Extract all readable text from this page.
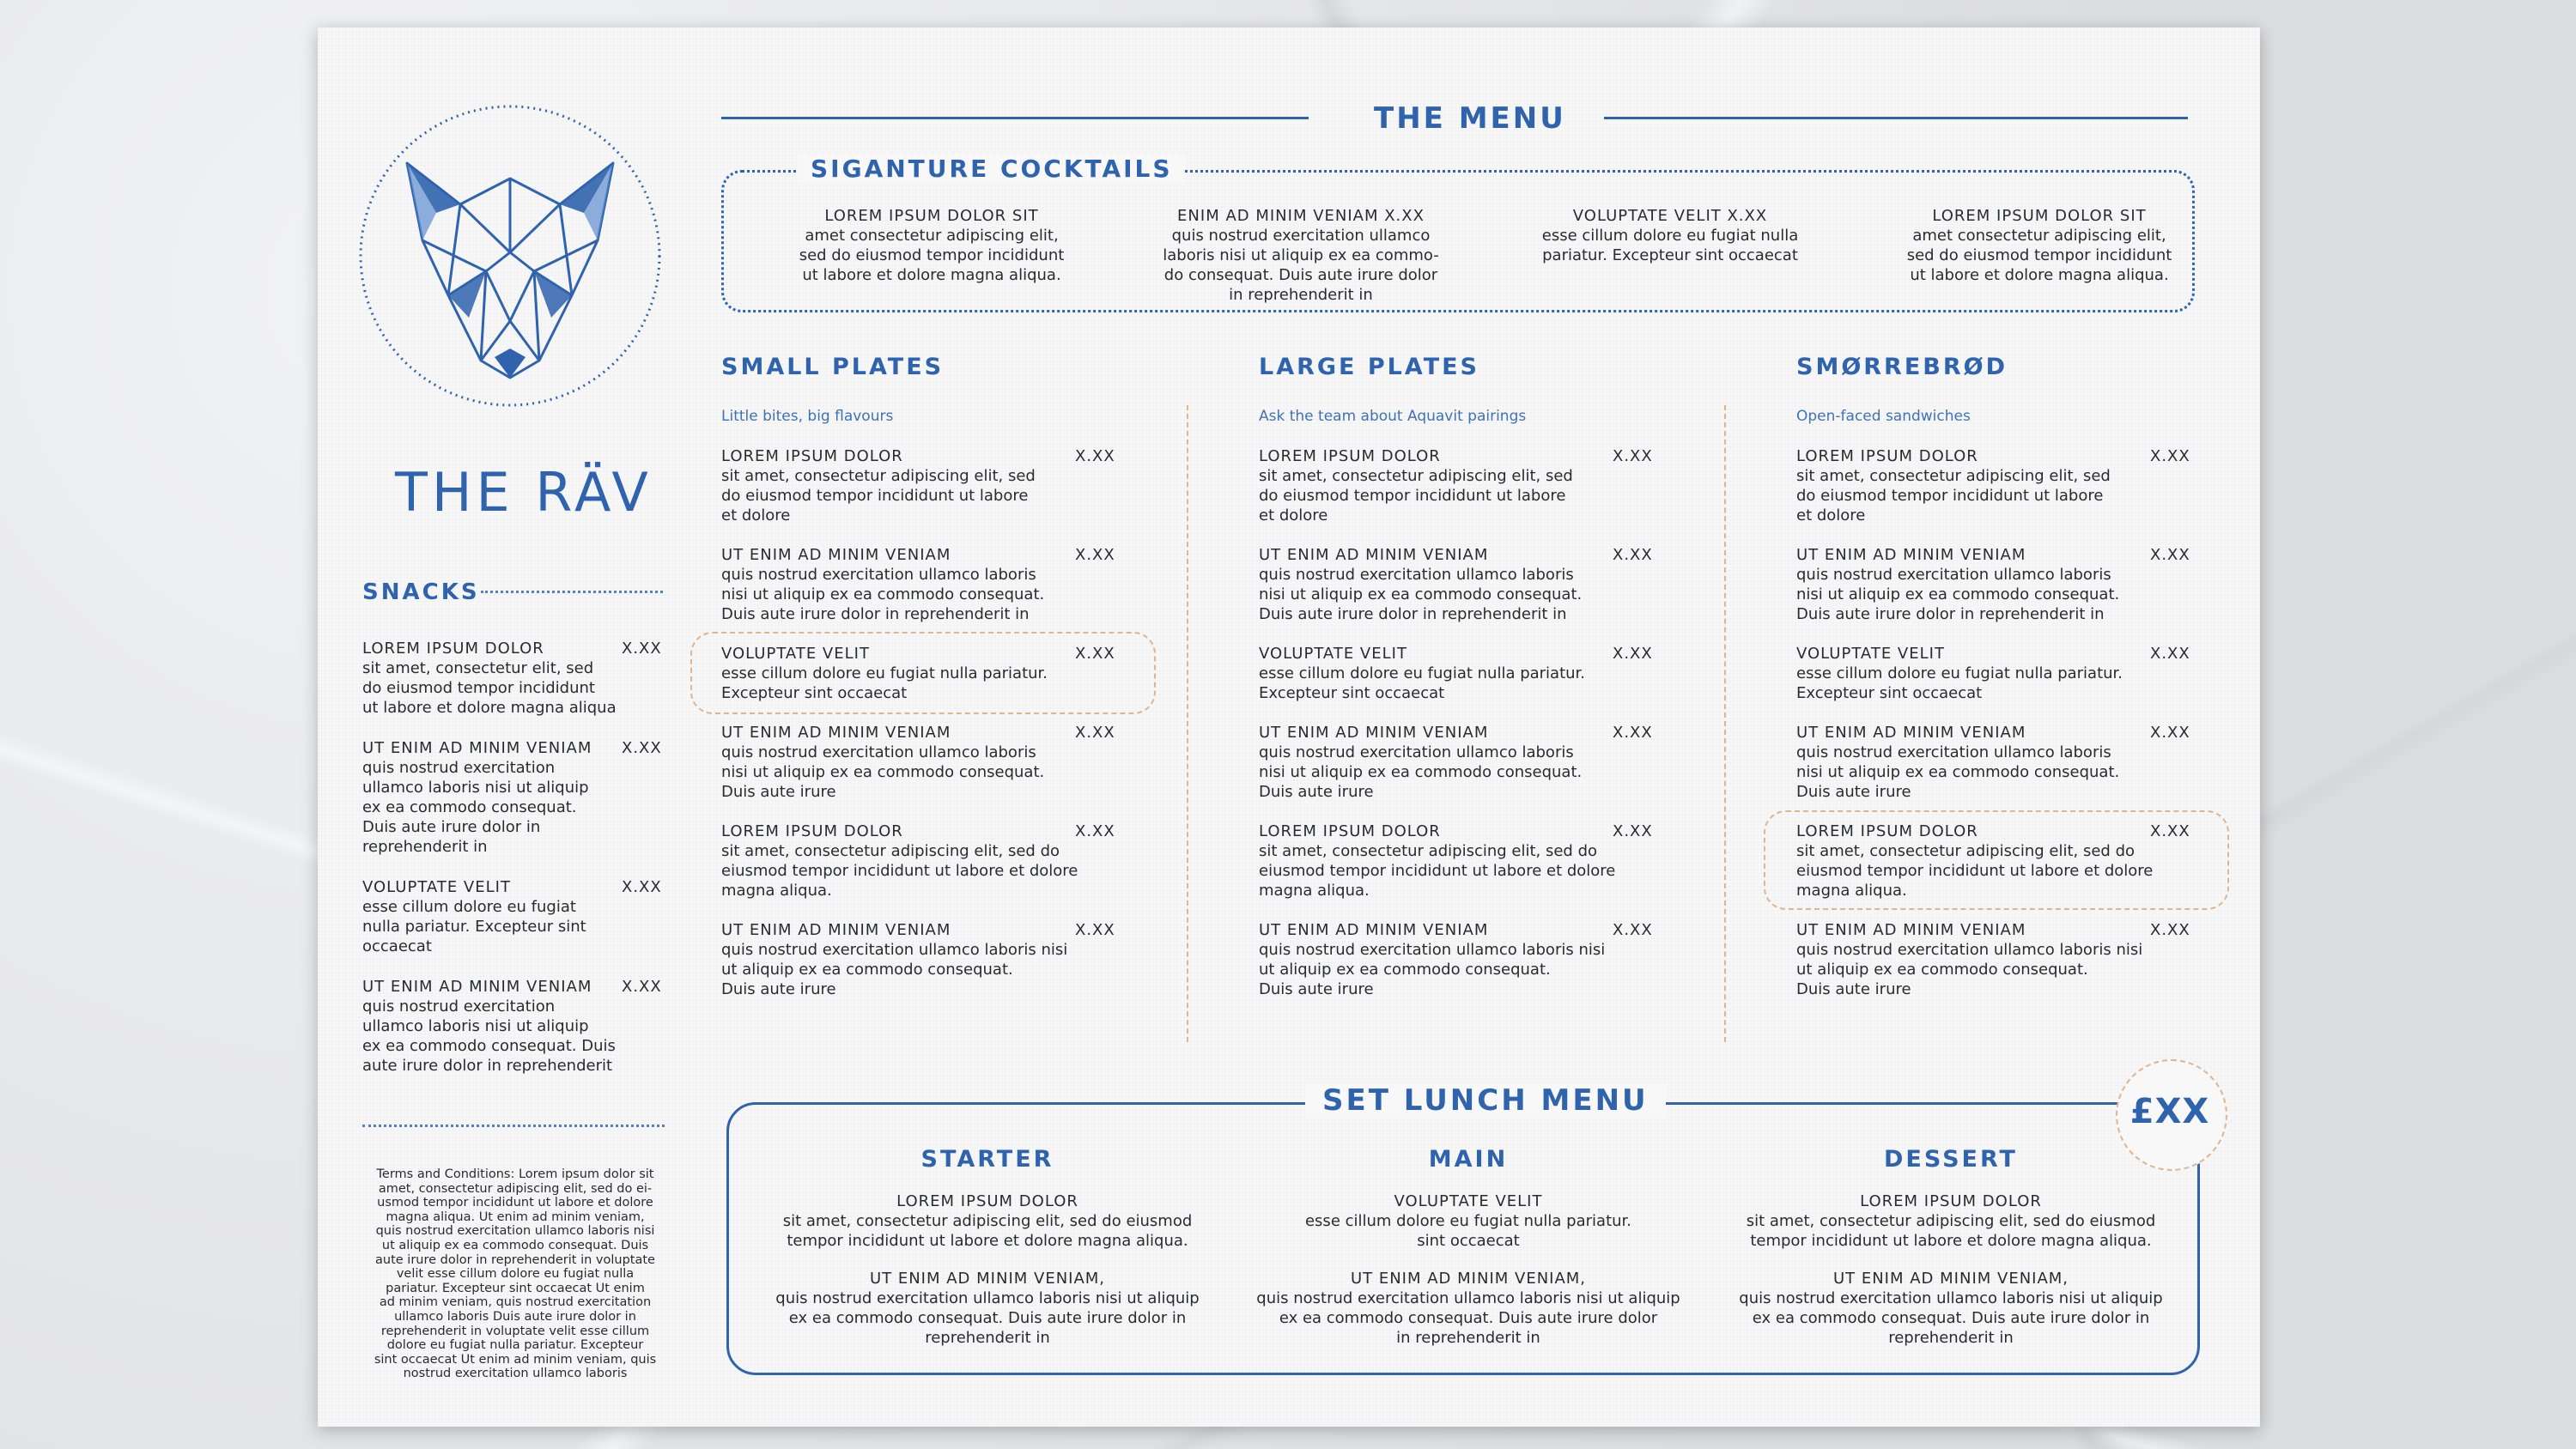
THE RÄV
SNACKS
LOREM IPSUM DOLOR	X.XX
sit amet, consectetur elit, sed
do eiusmod tempor incididunt
ut labore et dolore magna aliqua
UT ENIM AD MINIM VENIAM X.XX
quis nostrud exercitation
ullamco laboris nisi ut aliquip
ex ea commodo consequat.
Duis aute irure dolor in
reprehenderit in
VOLUPTATE VELIT	X.XX
esse cillum dolore eu fugiat
nulla pariatur. Excepteur sint
occaecat
UT ENIM AD MINIM VENIAM X.XX
quis nostrud exercitation
ullamco laboris nisi ut aliquip
ex ea commodo consequat. Duis
aute irure dolor in reprehenderit
Terms and Conditions: Lorem ipsum dolor sit
amet, consectetur adipiscing elit, sed do ei-
usmod tempor incididunt ut labore et dolore
magna aliqua. Ut enim ad minim veniam,
quis nostrud exercitation ullamco laboris nisi
ut aliquip ex ea commodo consequat. Duis
aute irure dolor in reprehenderit in voluptate
velit esse cillum dolore eu fugiat nulla
pariatur. Excepteur sint occaecat Ut enim
ad minim veniam, quis nostrud exercitation
ullamco laboris Duis aute irure dolor in
reprehenderit in voluptate velit esse cillum
dolore eu fugiat nulla pariatur. Excepteur
sint occaecat Ut enim ad minim veniam, quis
nostrud exercitation ullamco laboris
THE MENU
SIGANTURE COCKTAILS
LOREM IPSUM DOLOR SIT
amet consectetur adipiscing elit,
sed do eiusmod tempor incididunt
ut labore et dolore magna aliqua.
ENIM AD MINIM VENIAM X.XX
quis nostrud exercitation ullamco
laboris nisi ut aliquip ex ea commo-
do consequat. Duis aute irure dolor
in reprehenderit in
VOLUPTATE VELIT X.XX
esse cillum dolore eu fugiat nulla
pariatur. Excepteur sint occaecat
LOREM IPSUM DOLOR SIT
amet consectetur adipiscing elit,
sed do eiusmod tempor incididunt
ut labore et dolore magna aliqua.
SMALL PLATES
Little bites, big flavours
LOREM IPSUM DOLOR	X.XX
sit amet, consectetur adipiscing elit, sed
do eiusmod tempor incididunt ut labore
et dolore
UT ENIM AD MINIM VENIAM	X.XX
quis nostrud exercitation ullamco laboris
nisi ut aliquip ex ea commodo consequat.
Duis aute irure dolor in reprehenderit in
VOLUPTATE VELIT	X.XX
esse cillum dolore eu fugiat nulla pariatur.
Excepteur sint occaecat
UT ENIM AD MINIM VENIAM	X.XX
quis nostrud exercitation ullamco laboris
nisi ut aliquip ex ea commodo consequat.
Duis aute irure
LOREM IPSUM DOLOR	X.XX
sit amet, consectetur adipiscing elit, sed do
eiusmod tempor incididunt ut labore et dolore
magna aliqua.
UT ENIM AD MINIM VENIAM	X.XX
quis nostrud exercitation ullamco laboris nisi
ut aliquip ex ea commodo consequat.
Duis aute irure
LARGE PLATES
Ask the team about Aquavit pairings
LOREM IPSUM DOLOR	X.XX
sit amet, consectetur adipiscing elit, sed
do eiusmod tempor incididunt ut labore
et dolore
UT ENIM AD MINIM VENIAM	X.XX
quis nostrud exercitation ullamco laboris
nisi ut aliquip ex ea commodo consequat.
Duis aute irure dolor in reprehenderit in
VOLUPTATE VELIT	X.XX
esse cillum dolore eu fugiat nulla pariatur.
Excepteur sint occaecat
UT ENIM AD MINIM VENIAM	X.XX
quis nostrud exercitation ullamco laboris
nisi ut aliquip ex ea commodo consequat.
Duis aute irure
LOREM IPSUM DOLOR	X.XX
sit amet, consectetur adipiscing elit, sed do
eiusmod tempor incididunt ut labore et dolore
magna aliqua.
UT ENIM AD MINIM VENIAM	X.XX
quis nostrud exercitation ullamco laboris nisi
ut aliquip ex ea commodo consequat.
Duis aute irure
SMØRREBRØD
Open-faced sandwiches
LOREM IPSUM DOLOR	X.XX
sit amet, consectetur adipiscing elit, sed
do eiusmod tempor incididunt ut labore
et dolore
UT ENIM AD MINIM VENIAM	X.XX
quis nostrud exercitation ullamco laboris
nisi ut aliquip ex ea commodo consequat.
Duis aute irure dolor in reprehenderit in
VOLUPTATE VELIT	X.XX
esse cillum dolore eu fugiat nulla pariatur.
Excepteur sint occaecat
UT ENIM AD MINIM VENIAM	X.XX
quis nostrud exercitation ullamco laboris
nisi ut aliquip ex ea commodo consequat.
Duis aute irure
LOREM IPSUM DOLOR	X.XX
sit amet, consectetur adipiscing elit, sed do
eiusmod tempor incididunt ut labore et dolore
magna aliqua.
UT ENIM AD MINIM VENIAM	X.XX
quis nostrud exercitation ullamco laboris nisi
ut aliquip ex ea commodo consequat.
Duis aute irure
SET LUNCH MENU	£XX
STARTER
LOREM IPSUM DOLOR
sit amet, consectetur adipiscing elit, sed do eiusmod
tempor incididunt ut labore et dolore magna aliqua.
UT ENIM AD MINIM VENIAM,
quis nostrud exercitation ullamco laboris nisi ut aliquip
ex ea commodo consequat. Duis aute irure dolor in
reprehenderit in
MAIN
VOLUPTATE VELIT
esse cillum dolore eu fugiat nulla pariatur.
sint occaecat
UT ENIM AD MINIM VENIAM,
quis nostrud exercitation ullamco laboris nisi ut aliquip
ex ea commodo consequat. Duis aute irure dolor
in reprehenderit in
DESSERT
LOREM IPSUM DOLOR
sit amet, consectetur adipiscing elit, sed do eiusmod
tempor incididunt ut labore et dolore magna aliqua.
UT ENIM AD MINIM VENIAM,
quis nostrud exercitation ullamco laboris nisi ut aliquip
ex ea commodo consequat. Duis aute irure dolor in
reprehenderit in
